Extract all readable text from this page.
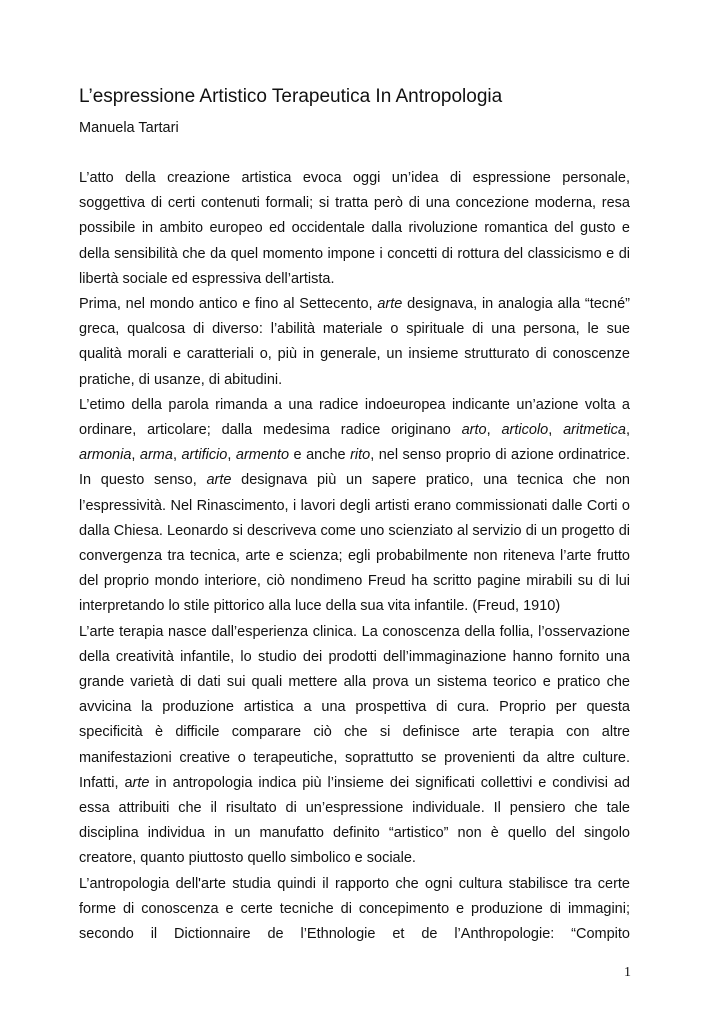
L’espressione Artistico Terapeutica In Antropologia
Manuela Tartari

L’atto della creazione artistica evoca oggi un’idea di espressione personale, soggettiva di certi contenuti formali; si tratta però di una concezione moderna, resa possibile in ambito europeo ed occidentale dalla rivoluzione romantica del gusto e della sensibilità che da quel momento impone i concetti di rottura del classicismo e di libertà sociale ed espressiva dell’artista.

Prima, nel mondo antico e fino al Settecento, arte designava, in analogia alla “tecné” greca, qualcosa di diverso: l’abilità materiale o spirituale di una persona, le sue qualità morali e caratteriali o, più in generale, un insieme strutturato di conoscenze pratiche, di usanze, di abitudini.

L’etimo della parola rimanda a una radice indoeuropea indicante un’azione volta a ordinare, articolare; dalla medesima radice originano arto, articolo, aritmetica, armonia, arma, artificio, armento e anche rito, nel senso proprio di azione ordinatrice. In questo senso, arte designava più un sapere pratico, una tecnica che non l’espressività. Nel Rinascimento, i lavori degli artisti erano commissionati dalle Corti o dalla Chiesa. Leonardo si descriveva come uno scienziato al servizio di un progetto di convergenza tra tecnica, arte e scienza; egli probabilmente non riteneva l’arte frutto del proprio mondo interiore, ciò nondimeno Freud ha scritto pagine mirabili su di lui interpretando lo stile pittorico alla luce della sua vita infantile. (Freud, 1910)

L’arte terapia nasce dall’esperienza clinica. La conoscenza della follia, l’osservazione della creatività infantile, lo studio dei prodotti dell’immaginazione hanno fornito una grande varietà di dati sui quali mettere alla prova un sistema teorico e pratico che avvicina la produzione artistica a una prospettiva di cura. Proprio per questa specificità è difficile comparare ciò che si definisce arte terapia con altre manifestazioni creative o terapeutiche, soprattutto se provenienti da altre culture. Infatti, arte in antropologia indica più l’insieme dei significati collettivi e condivisi ad essa attribuiti che il risultato di un’espressione individuale. Il pensiero che tale disciplina individua in un manufatto definito “artistico” non è quello del singolo creatore, quanto piuttosto quello simbolico e sociale.

L’antropologia dell'arte studia quindi il rapporto che ogni cultura stabilisce tra certe forme di conoscenza e certe tecniche di concepimento e produzione di immagini; secondo il Dictionnaire de l’Ethnologie et de l’Anthropologie: “Compito

1
